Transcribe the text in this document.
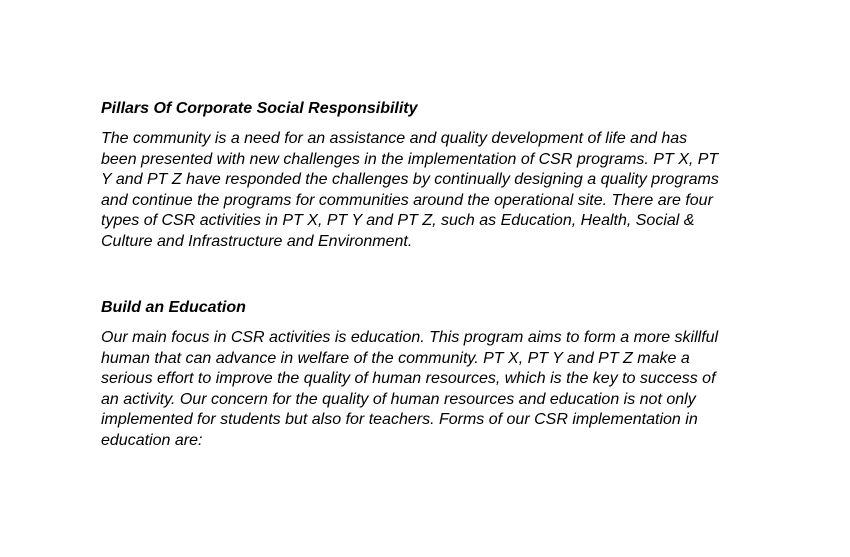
Pillars Of Corporate Social Responsibility

The community is a need for an assistance and quality development of life and has
been presented with new challenges in the implementation of CSR programs. PT X, PT
Y and PT Z have responded the challenges by continually designing a quality programs
and continue the programs for communities around the operational site. There are four
types of CSR activities in PT X, PT Y and PT Z, such as Education, Health, Social &
Culture and Infrastructure and Environment.

Build an Education

Our main focus in CSR activities is education. This program aims to form a more skillful
human that can advance in welfare of the community. PT X, PT Y and PT Z make a
serious effort to improve the quality of human resources, which is the key to success of
an activity. Our concern for the quality of human resources and education is not only
implemented for students but also for teachers. Forms of our CSR implementation in
education are:
